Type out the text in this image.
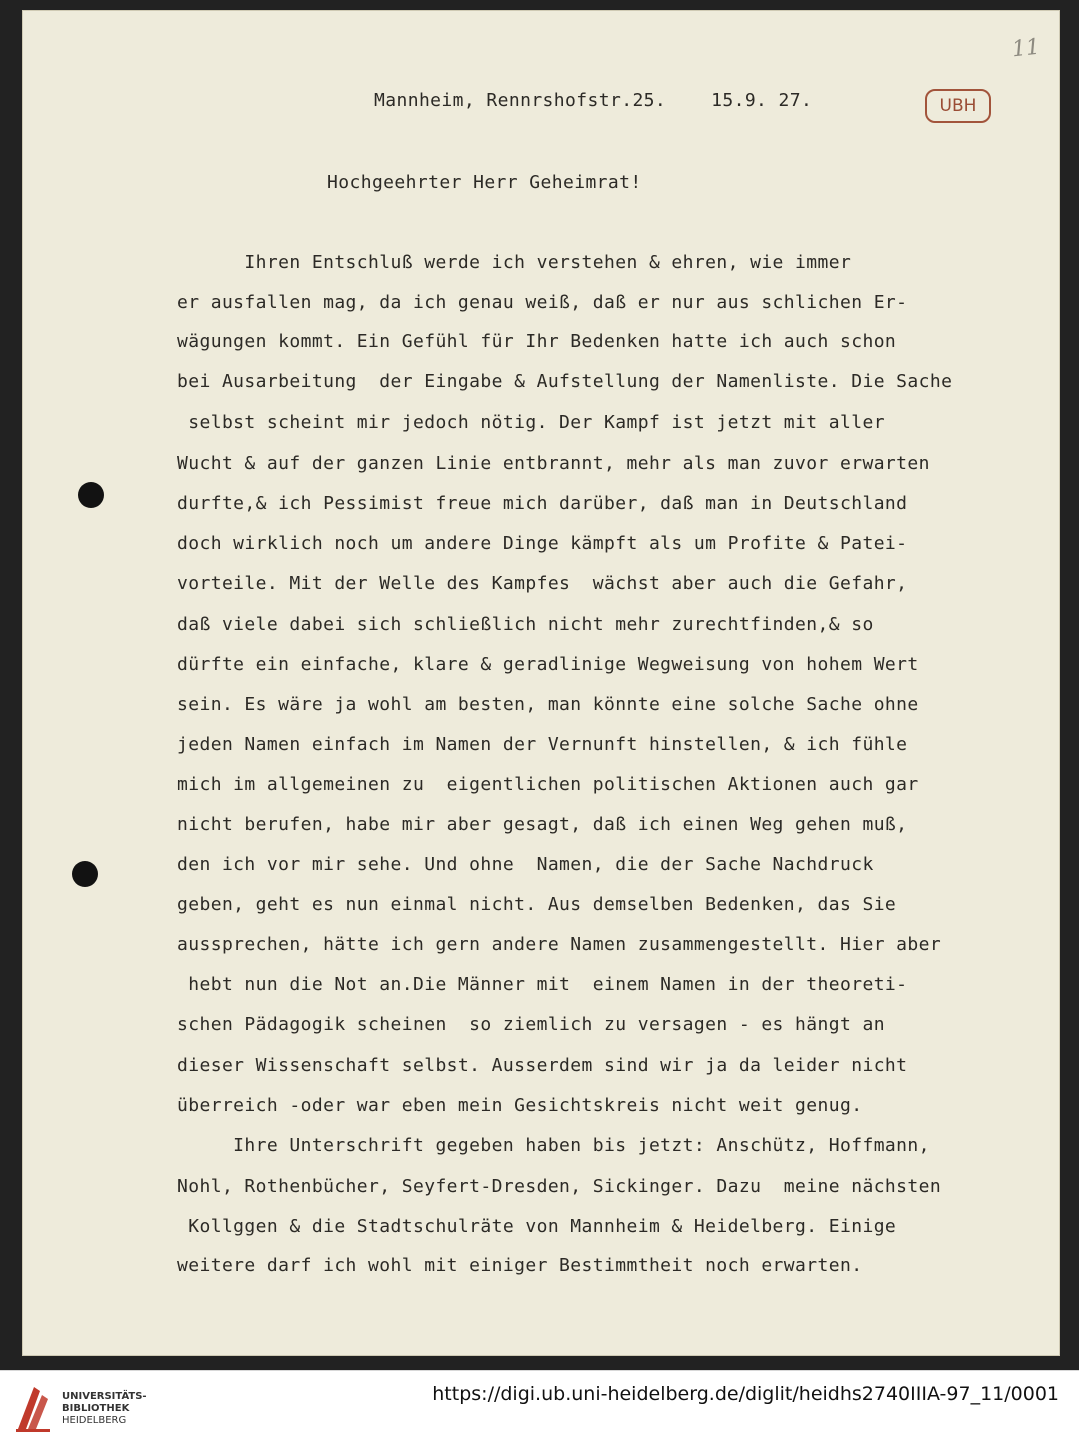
11
UBH
Mannheim, Rennrshofstr.25.    15.9. 27.
Hochgeehrter Herr Geheimrat!
Ihren Entschluß werde ich verstehen & ehren, wie immer
er ausfallen mag, da ich genau weiß, daß er nur aus schlichen Er-
wägungen kommt. Ein Gefühl für Ihr Bedenken hatte ich auch schon
bei Ausarbeitung  der Eingabe & Aufstellung der Namenliste. Die Sache
selbst scheint mir jedoch nötig. Der Kampf ist jetzt mit aller
Wucht & auf der ganzen Linie entbrannt, mehr als man zuvor erwarten
durfte,& ich Pessimist freue mich darüber, daß man in Deutschland
doch wirklich noch um andere Dinge kämpft als um Profite & Patei-
vorteile. Mit der Welle des Kampfes  wächst aber auch die Gefahr,
daß viele dabei sich schließlich nicht mehr zurechtfinden,& so
dürfte ein einfache, klare & geradlinige Wegweisung von hohem Wert
sein. Es wäre ja wohl am besten, man könnte eine solche Sache ohne
jeden Namen einfach im Namen der Vernunft hinstellen, & ich fühle
mich im allgemeinen zu  eigentlichen politischen Aktionen auch gar
nicht berufen, habe mir aber gesagt, daß ich einen Weg gehen muß,
den ich vor mir sehe. Und ohne  Namen, die der Sache Nachdruck
geben, geht es nun einmal nicht. Aus demselben Bedenken, das Sie
aussprechen, hätte ich gern andere Namen zusammengestellt. Hier aber
hebt nun die Not an.Die Männer mit  einem Namen in der theoreti-
schen Pädagogik scheinen  so ziemlich zu versagen - es hängt an
dieser Wissenschaft selbst. Ausserdem sind wir ja da leider nicht
überreich -oder war eben mein Gesichtskreis nicht weit genug.
Ihre Unterschrift gegeben haben bis jetzt: Anschütz, Hoffmann,
Nohl, Rothenbücher, Seyfert-Dresden, Sickinger. Dazu  meine nächsten
Kollggen & die Stadtschulräte von Mannheim & Heidelberg. Einige
weitere darf ich wohl mit einiger Bestimmtheit noch erwarten.
UNIVERSITÄTS-
BIBLIOTHEK
HEIDELBERG
https://digi.ub.uni-heidelberg.de/diglit/heidhs2740IIIA-97_11/0001
